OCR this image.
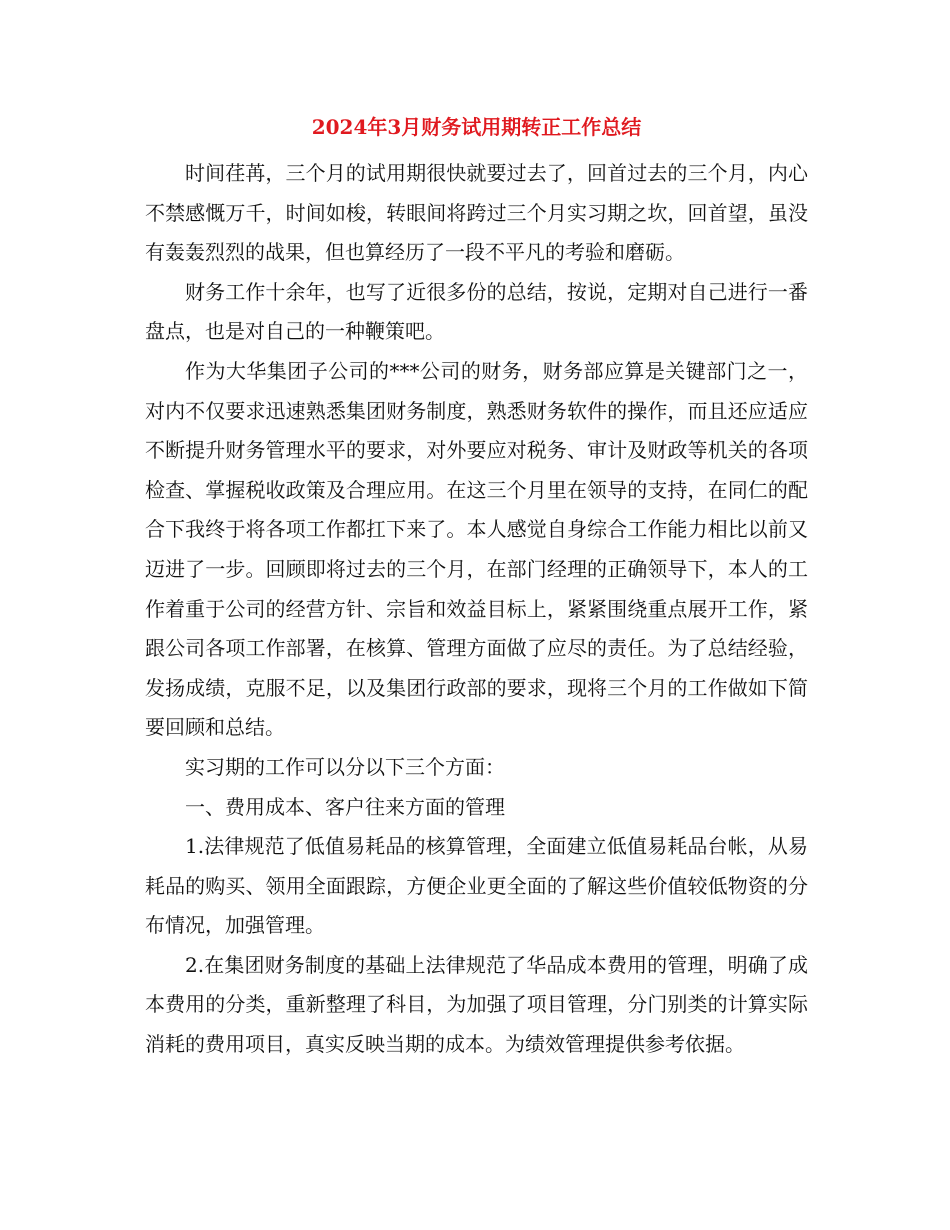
2024年3月财务试用期转正工作总结

时间荏苒，三个月的试用期很快就要过去了，回首过去的三个月，内心不禁感慨万千，时间如梭，转眼间将跨过三个月实习期之坎，回首望，虽没有轰轰烈烈的战果，但也算经历了一段不平凡的考验和磨砺。

财务工作十余年，也写了近很多份的总结，按说，定期对自己进行一番盘点，也是对自己的一种鞭策吧。

作为大华集团子公司的***公司的财务，财务部应算是关键部门之一，对内不仅要求迅速熟悉集团财务制度，熟悉财务软件的操作，而且还应适应不断提升财务管理水平的要求，对外要应对税务、审计及财政等机关的各项检查、掌握税收政策及合理应用。在这三个月里在领导的支持，在同仁的配合下我终于将各项工作都扛下来了。本人感觉自身综合工作能力相比以前又迈进了一步。回顾即将过去的三个月，在部门经理的正确领导下，本人的工作着重于公司的经营方针、宗旨和效益目标上，紧紧围绕重点展开工作，紧跟公司各项工作部署，在核算、管理方面做了应尽的责任。为了总结经验，发扬成绩，克服不足，以及集团行政部的要求，现将三个月的工作做如下简要回顾和总结。

实习期的工作可以分以下三个方面：

一、费用成本、客户往来方面的管理

1.法律规范了低值易耗品的核算管理，全面建立低值易耗品台帐，从易耗品的购买、领用全面跟踪，方便企业更全面的了解这些价值较低物资的分布情况，加强管理。

2.在集团财务制度的基础上法律规范了华品成本费用的管理，明确了成本费用的分类，重新整理了科目，为加强了项目管理，分门别类的计算实际消耗的费用项目，真实反映当期的成本。为绩效管理提供参考依据。
